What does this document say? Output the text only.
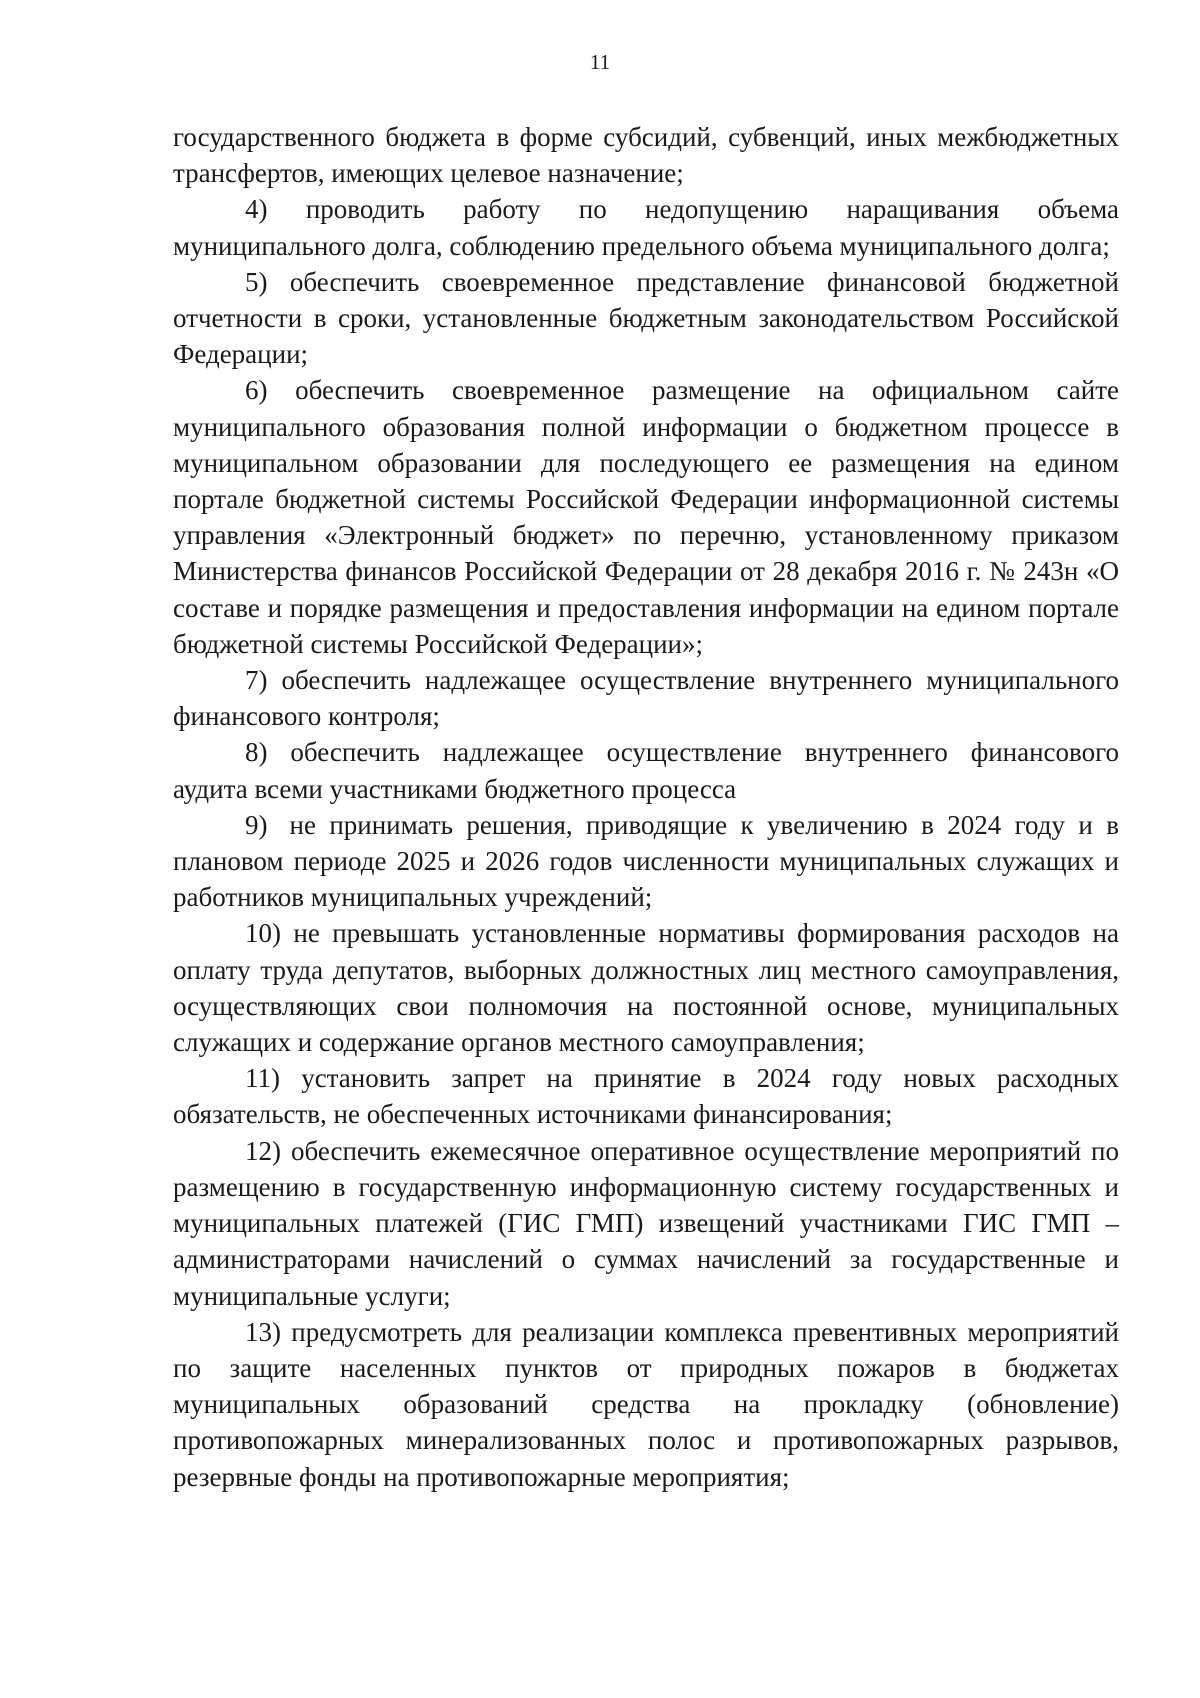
11

государственного бюджета в форме субсидий, субвенций, иных межбюджетных трансфертов, имеющих целевое назначение;

4) проводить работу по недопущению наращивания объема муниципального долга, соблюдению предельного объема муниципального долга;

5) обеспечить своевременное представление финансовой бюджетной отчетности в сроки, установленные бюджетным законодательством Российской Федерации;

6) обеспечить своевременное размещение на официальном сайте муниципального образования полной информации о бюджетном процессе в муниципальном образовании для последующего ее размещения на едином портале бюджетной системы Российской Федерации информационной системы управления «Электронный бюджет» по перечню, установленному приказом Министерства финансов Российской Федерации от 28 декабря 2016 г. № 243н «О составе и порядке размещения и предоставления информации на едином портале бюджетной системы Российской Федерации»;

7) обеспечить надлежащее осуществление внутреннего муниципального финансового контроля;

8) обеспечить надлежащее осуществление внутреннего финансового аудита всеми участниками бюджетного процесса

9) не принимать решения, приводящие к увеличению в 2024 году и в плановом периоде 2025 и 2026 годов численности муниципальных служащих и работников муниципальных учреждений;

10) не превышать установленные нормативы формирования расходов на оплату труда депутатов, выборных должностных лиц местного самоуправления, осуществляющих свои полномочия на постоянной основе, муниципальных служащих и содержание органов местного самоуправления;

11) установить запрет на принятие в 2024 году новых расходных обязательств, не обеспеченных источниками финансирования;

12) обеспечить ежемесячное оперативное осуществление мероприятий по размещению в государственную информационную систему государственных и муниципальных платежей (ГИС ГМП) извещений участниками ГИС ГМП – администраторами начислений о суммах начислений за государственные и муниципальные услуги;

13) предусмотреть для реализации комплекса превентивных мероприятий по защите населенных пунктов от природных пожаров в бюджетах муниципальных образований средства на прокладку (обновление) противопожарных минерализованных полос и противопожарных разрывов, резервные фонды на противопожарные мероприятия;
